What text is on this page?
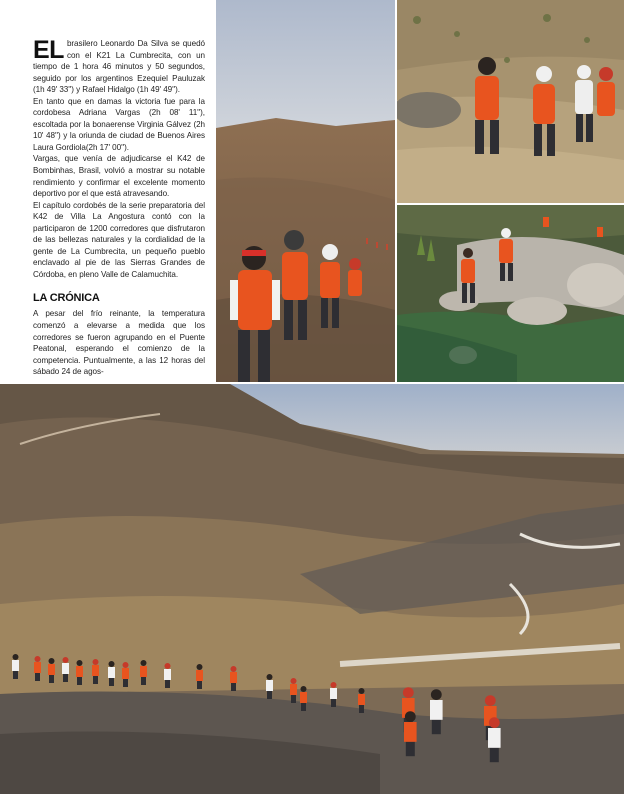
EL brasilero Leonardo Da Silva se quedó con el K21 La Cumbrecita, con un tiempo de 1 hora 46 minutos y 50 segundos, seguido por los argentinos Ezequiel Pauluzak (1h 49' 33'') y Rafael Hidalgo (1h 49' 49'').

En tanto que en damas la victoria fue para la cordobesa Adriana Vargas (2h 08' 11''), escoltada por la bonaerense Virginia Gálvez (2h 10' 48'') y la oriunda de ciudad de Buenos Aires Laura Gordiola(2h 17' 00'').

Vargas, que venía de adjudicarse el K42 de Bombinhas, Brasil, volvió a mostrar su notable rendimiento y confirmar el excelente momento deportivo por el que está atravesando.

El capítulo cordobés de la serie preparatoria del K42 de Villa La Angostura contó con la participaron de 1200 corredores que disfrutaron de las bellezas naturales y la cordialidad de la gente de La Cumbrecita, un pequeño pueblo enclavado al pie de las Sierras Grandes de Córdoba, en pleno Valle de Calamuchita.

LA CRÓNICA

A pesar del frío reinante, la temperatura comenzó a elevarse a medida que los corredores se fueron agrupando en el Puente Peatonal, esperando el comienzo de la competencia. Puntualmente, a las 12 horas del sábado 24 de agos-
